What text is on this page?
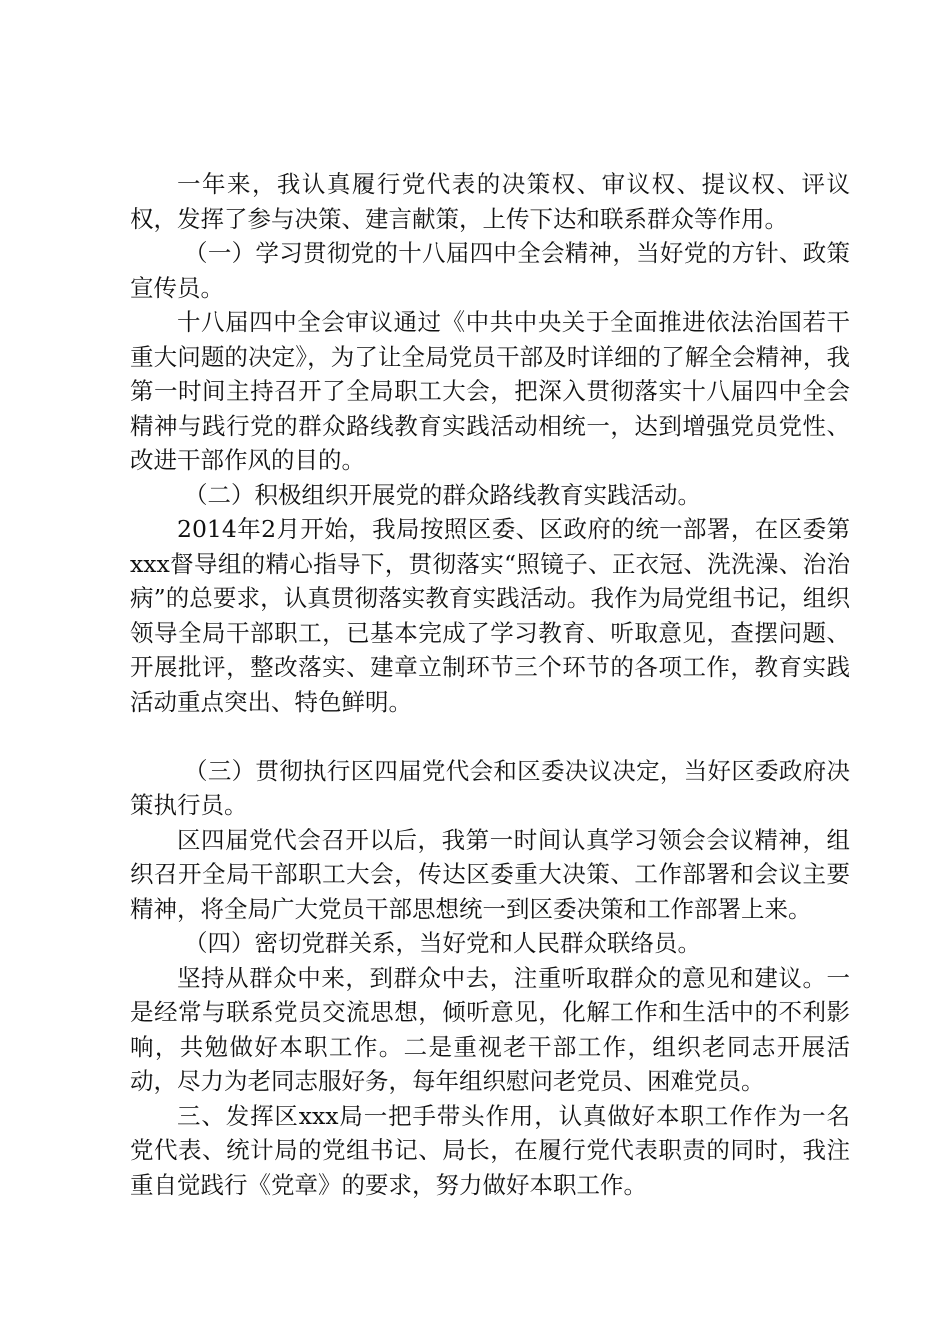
一年来，我认真履行党代表的决策权、审议权、提议权、评议权，发挥了参与决策、建言献策，上传下达和联系群众等作用。

（一）学习贯彻党的十八届四中全会精神，当好党的方针、政策宣传员。

十八届四中全会审议通过《中共中央关于全面推进依法治国若干重大问题的决定》，为了让全局党员干部及时详细的了解全会精神，我第一时间主持召开了全局职工大会，把深入贯彻落实十八届四中全会精神与践行党的群众路线教育实践活动相统一，达到增强党员党性、改进干部作风的目的。

（二）积极组织开展党的群众路线教育实践活动。

2014年2月开始，我局按照区委、区政府的统一部署，在区委第xxx督导组的精心指导下，贯彻落实“照镜子、正衣冠、洗洗澡、治治病”的总要求，认真贯彻落实教育实践活动。我作为局党组书记，组织领导全局干部职工，已基本完成了学习教育、听取意见，查摆问题、开展批评，整改落实、建章立制环节三个环节的各项工作，教育实践活动重点突出、特色鲜明。

（三）贯彻执行区四届党代会和区委决议决定，当好区委政府决策执行员。

区四届党代会召开以后，我第一时间认真学习领会会议精神，组织召开全局干部职工大会，传达区委重大决策、工作部署和会议主要精神，将全局广大党员干部思想统一到区委决策和工作部署上来。

（四）密切党群关系，当好党和人民群众联络员。

坚持从群众中来，到群众中去，注重听取群众的意见和建议。一是经常与联系党员交流思想，倾听意见，化解工作和生活中的不利影响，共勉做好本职工作。二是重视老干部工作，组织老同志开展活动，尽力为老同志服好务，每年组织慰问老党员、困难党员。

三、发挥区xxx局一把手带头作用，认真做好本职工作作为一名党代表、统计局的党组书记、局长，在履行党代表职责的同时，我注重自觉践行《党章》的要求，努力做好本职工作。
